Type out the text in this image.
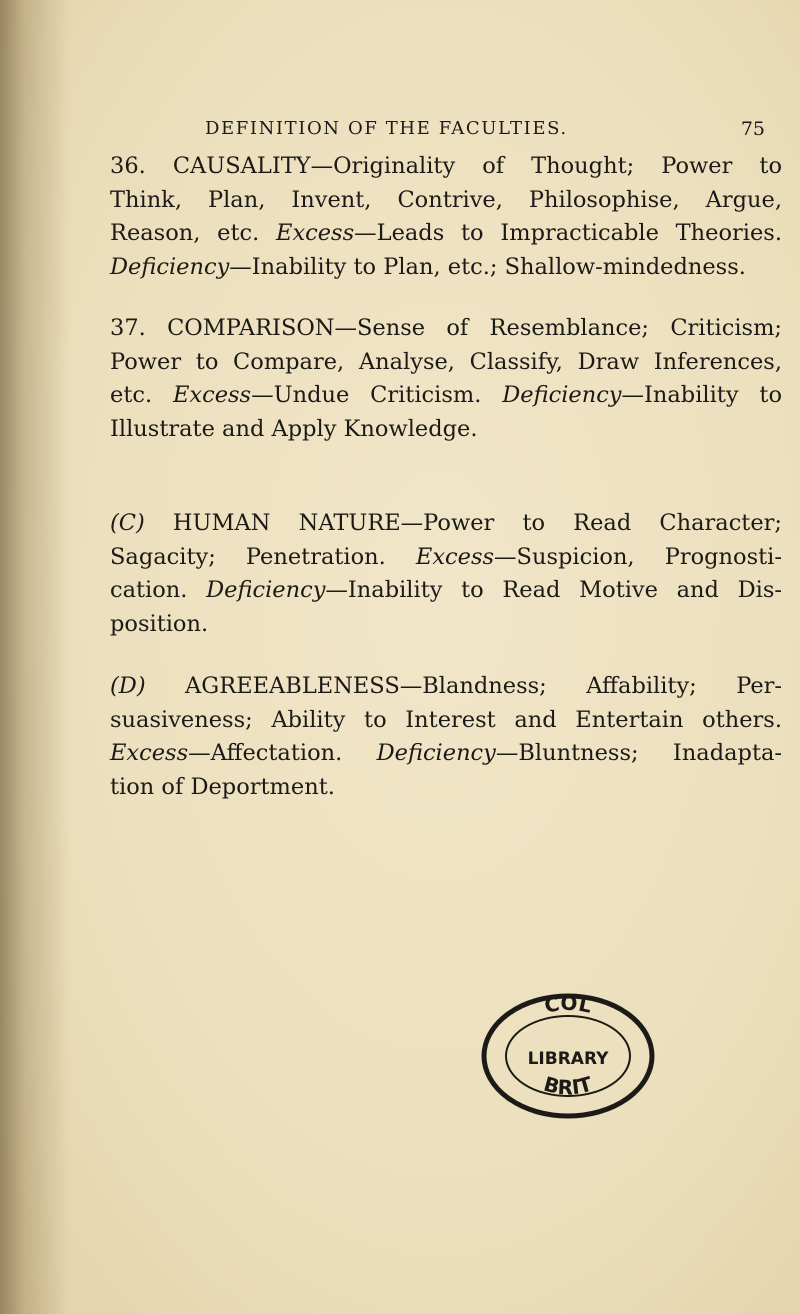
DEFINITION OF THE FACULTIES.	75
36. CAUSALITY—Originality of Thought; Power to
Think, Plan, Invent, Contrive, Philosophise, Argue,
Reason, etc. Excess—Leads to Impracticable Theories.
Deficiency—Inability to Plan, etc.; Shallow-mindedness.
37. COMPARISON—Sense of Resemblance; Criticism;
Power to Compare, Analyse, Classify, Draw Inferences,
etc. Excess—Undue Criticism. Deficiency—Inability to
Illustrate and Apply Knowledge.
(C) HUMAN NATURE—Power to Read Character;
Sagacity; Penetration. Excess—Suspicion, Prognosti-
cation. Deficiency—Inability to Read Motive and Dis-
position.
(D) AGREEABLENESS—Blandness; Affability; Per-
suasiveness; Ability to Interest and Entertain others.
Excess—Affectation. Deficiency—Bluntness; Inadapta-
tion of Deportment.
COL
BRIT
LIBRARY
